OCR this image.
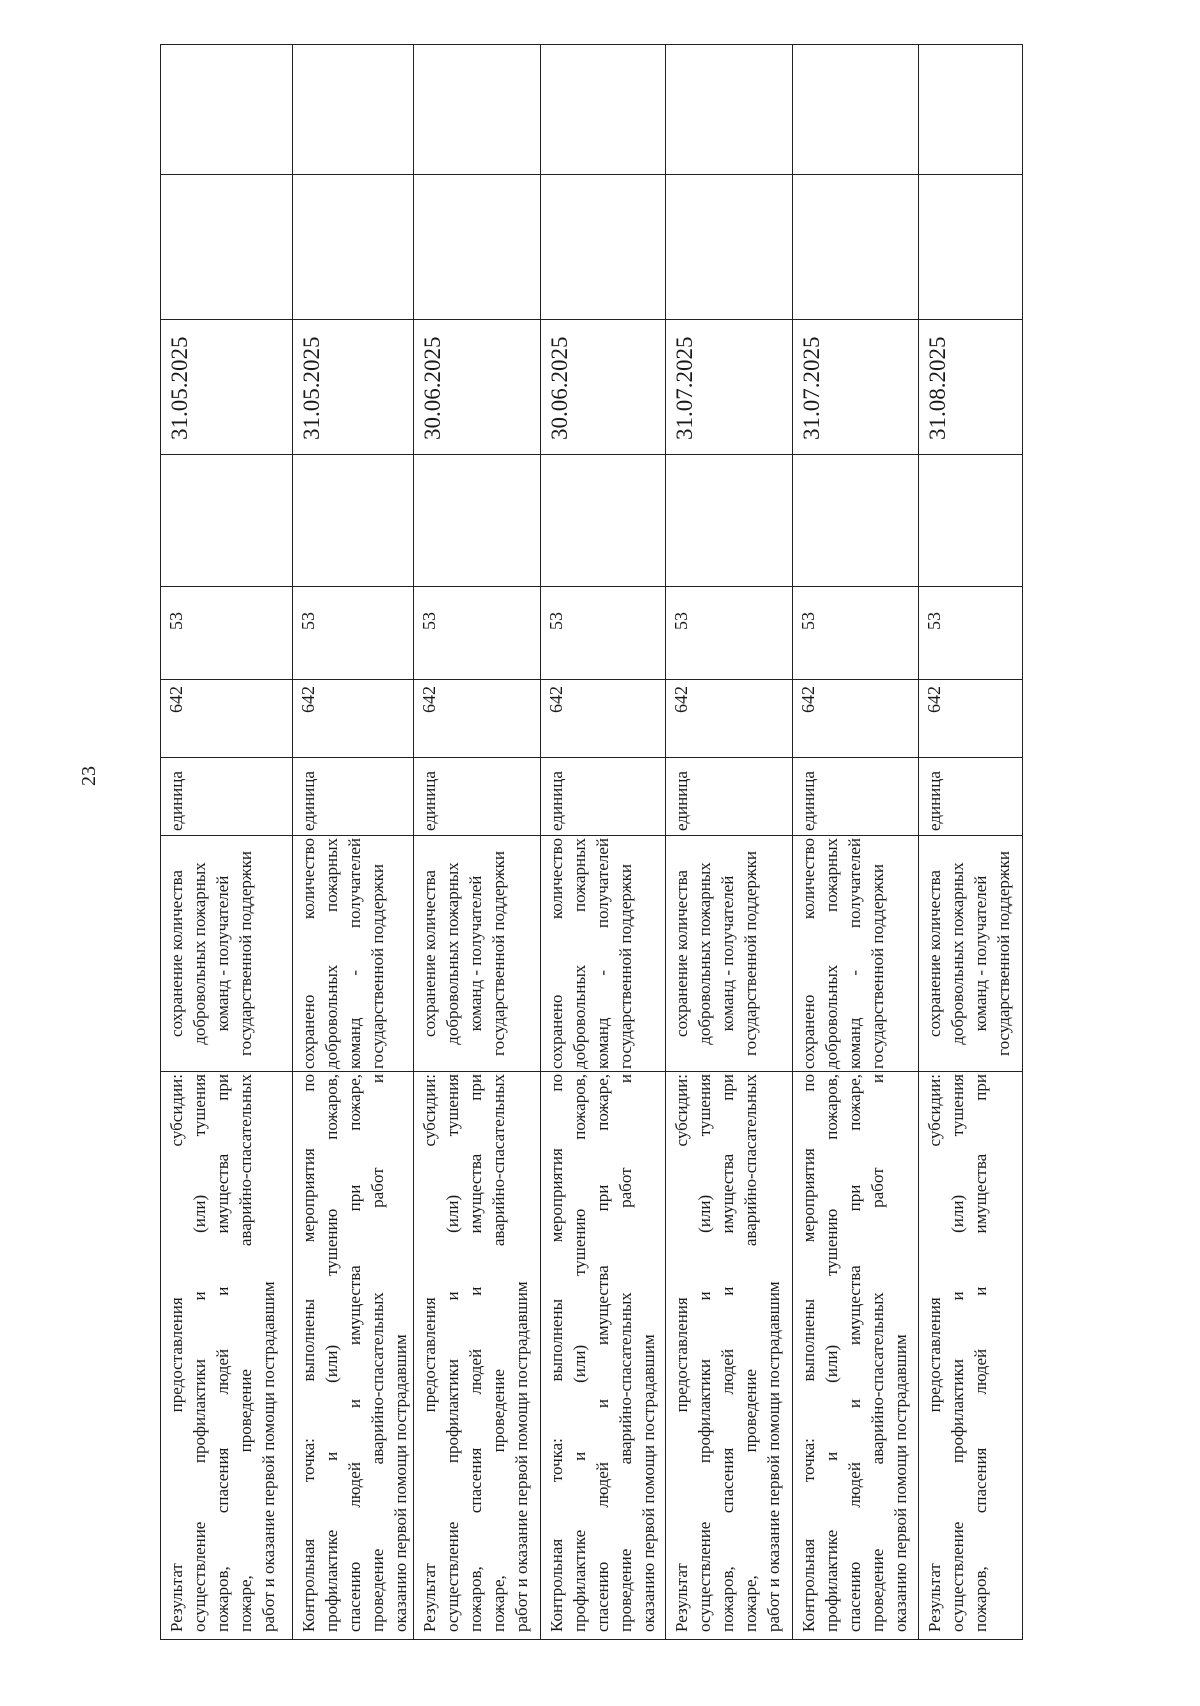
23
Результат предоставления субсидии: осуществление профилактики и (или) тушения пожаров, спасения людей и имущества при пожаре, проведение аварийно-спасательных работ и оказание первой помощи пострадавшим
сохранение количества добровольных пожарных команд - получателей государственной поддержки
единица
642
53
31.05.2025
Контрольная точка: выполнены мероприятия по профилактике и (или) тушению пожаров, спасению людей и имущества при пожаре, проведение аварийно-спасательных работ и оказанию первой помощи пострадавшим
сохранено количество добровольных пожарных команд - получателей государственной поддержки
единица
642
53
31.05.2025
Результат предоставления субсидии: осуществление профилактики и (или) тушения пожаров, спасения людей и имущества при пожаре, проведение аварийно-спасательных работ и оказание первой помощи пострадавшим
сохранение количества добровольных пожарных команд - получателей государственной поддержки
единица
642
53
30.06.2025
Контрольная точка: выполнены мероприятия по профилактике и (или) тушению пожаров, спасению людей и имущества при пожаре, проведение аварийно-спасательных работ и оказанию первой помощи пострадавшим
сохранено количество добровольных пожарных команд - получателей государственной поддержки
единица
642
53
30.06.2025
Результат предоставления субсидии: осуществление профилактики и (или) тушения пожаров, спасения людей и имущества при пожаре, проведение аварийно-спасательных работ и оказание первой помощи пострадавшим
сохранение количества добровольных пожарных команд - получателей государственной поддержки
единица
642
53
31.07.2025
Контрольная точка: выполнены мероприятия по профилактике и (или) тушению пожаров, спасению людей и имущества при пожаре, проведение аварийно-спасательных работ и оказанию первой помощи пострадавшим
сохранено количество добровольных пожарных команд - получателей государственной поддержки
единица
642
53
31.07.2025
Результат предоставления субсидии: осуществление профилактики и (или) тушения пожаров, спасения людей и имущества при
сохранение количества добровольных пожарных команд - получателей государственной поддержки
единица
642
53
31.08.2025
